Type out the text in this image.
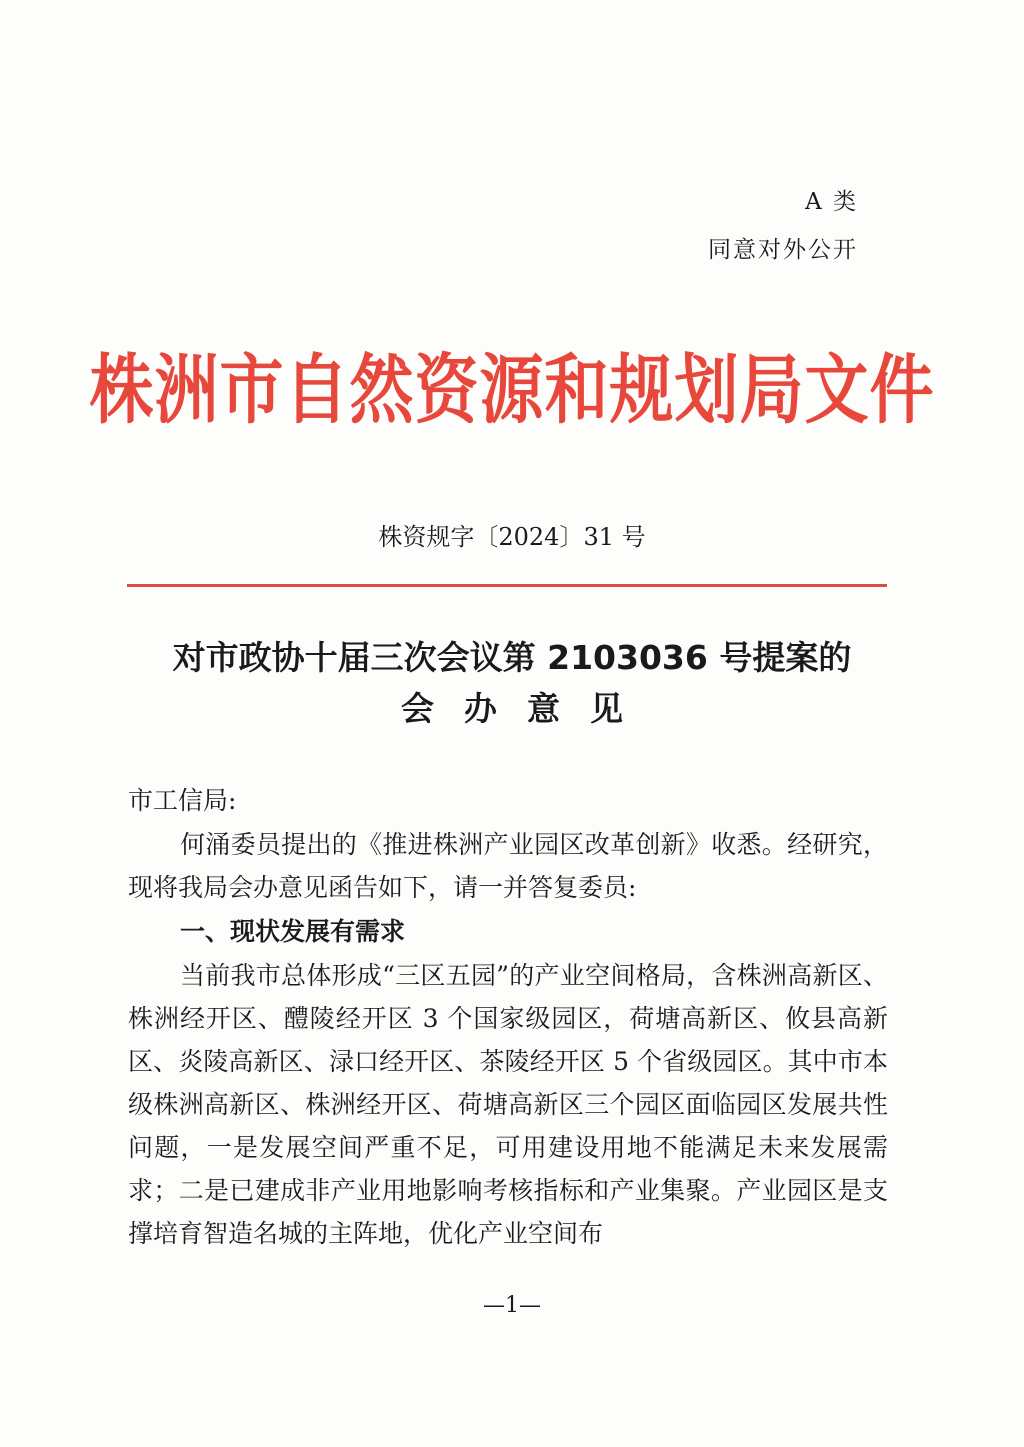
A 类
同意对外公开
株洲市自然资源和规划局文件
株资规字〔2024〕31 号
对市政协十届三次会议第 2103036 号提案的
会办意见
市工信局:
何涌委员提出的《推进株洲产业园区改革创新》收悉。经研究，现将我局会办意见函告如下，请一并答复委员:
一、现状发展有需求
当前我市总体形成“三区五园”的产业空间格局，含株洲高新区、株洲经开区、醴陵经开区 3 个国家级园区，荷塘高新区、攸县高新区、炎陵高新区、渌口经开区、茶陵经开区 5 个省级园区。其中市本级株洲高新区、株洲经开区、荷塘高新区三个园区面临园区发展共性问题，一是发展空间严重不足，可用建设用地不能满足未来发展需求；二是已建成非产业用地影响考核指标和产业集聚。产业园区是支撑培育智造名城的主阵地，优化产业空间布
—1—
